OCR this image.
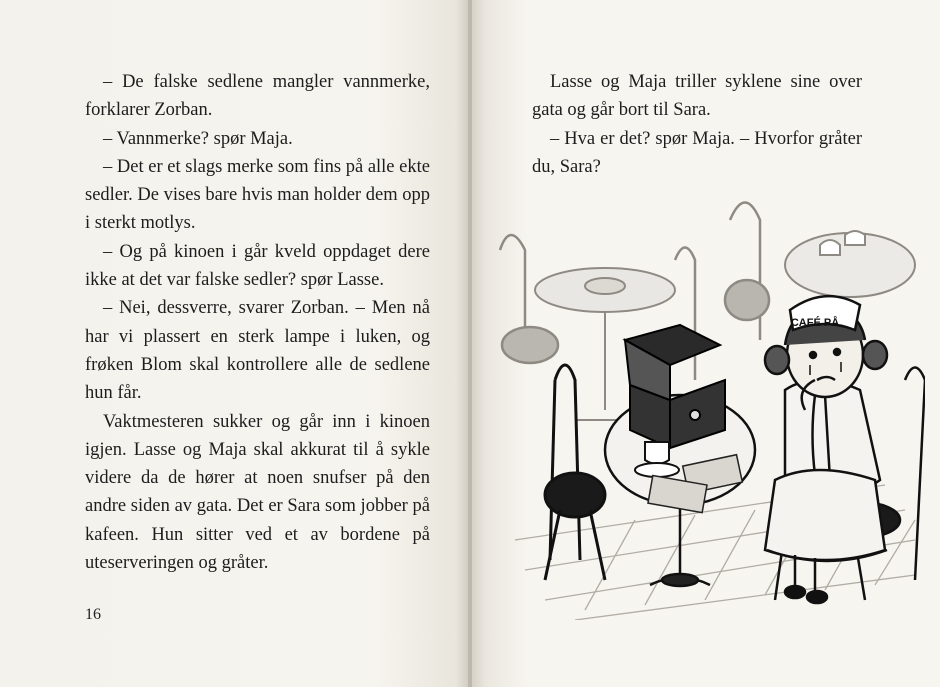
– De falske sedlene mangler vannmerke, forklarer Zorban.

– Vannmerke? spør Maja.

– Det er et slags merke som fins på alle ekte sedler. De vises bare hvis man holder dem opp i sterkt motlys.

– Og på kinoen i går kveld oppdaget dere ikke at det var falske sedler? spør Lasse.

– Nei, dessverre, svarer Zorban. – Men nå har vi plassert en sterk lampe i luken, og frøken Blom skal kontrollere alle de sedlene hun får.

Vaktmesteren sukker og går inn i kinoen igjen. Lasse og Maja skal akkurat til å sykle videre da de hører at noen snufser på den andre siden av gata. Det er Sara som jobber på kafeen. Hun sitter ved et av bordene på uteserveringen og gråter.

16

Lasse og Maja triller syklene sine over gata og går bort til Sara.

– Hva er det? spør Maja. – Hvorfor gråter du, Sara?

CAFÉ PÅ
